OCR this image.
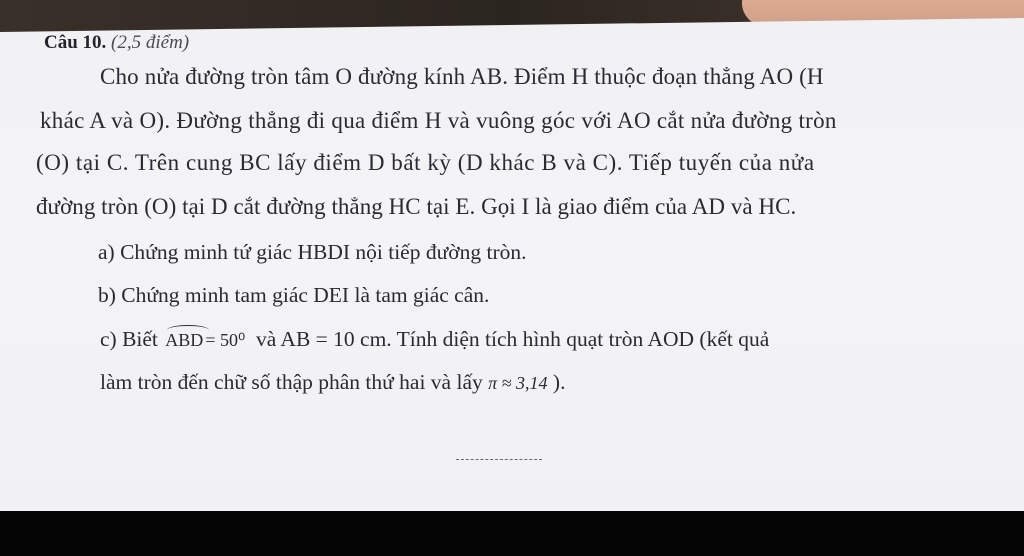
Câu 10. (2,5 điểm)
Cho nửa đường tròn tâm O đường kính AB. Điểm H thuộc đoạn thẳng AO (H
khác A và O). Đường thẳng đi qua điểm H và vuông góc với AO cắt nửa đường tròn
(O) tại C. Trên cung BC lấy điểm D bất kỳ (D khác B và C). Tiếp tuyến của nửa
đường tròn (O) tại D cắt đường thẳng HC tại E. Gọi I là giao điểm của AD và HC.
a) Chứng minh tứ giác HBDI nội tiếp đường tròn.
b) Chứng minh tam giác DEI là tam giác cân.
c) Biết ABD = 50⁰ và AB = 10 cm. Tính diện tích hình quạt tròn AOD (kết quả
làm tròn đến chữ số thập phân thứ hai và lấy π ≈ 3,14 ).
